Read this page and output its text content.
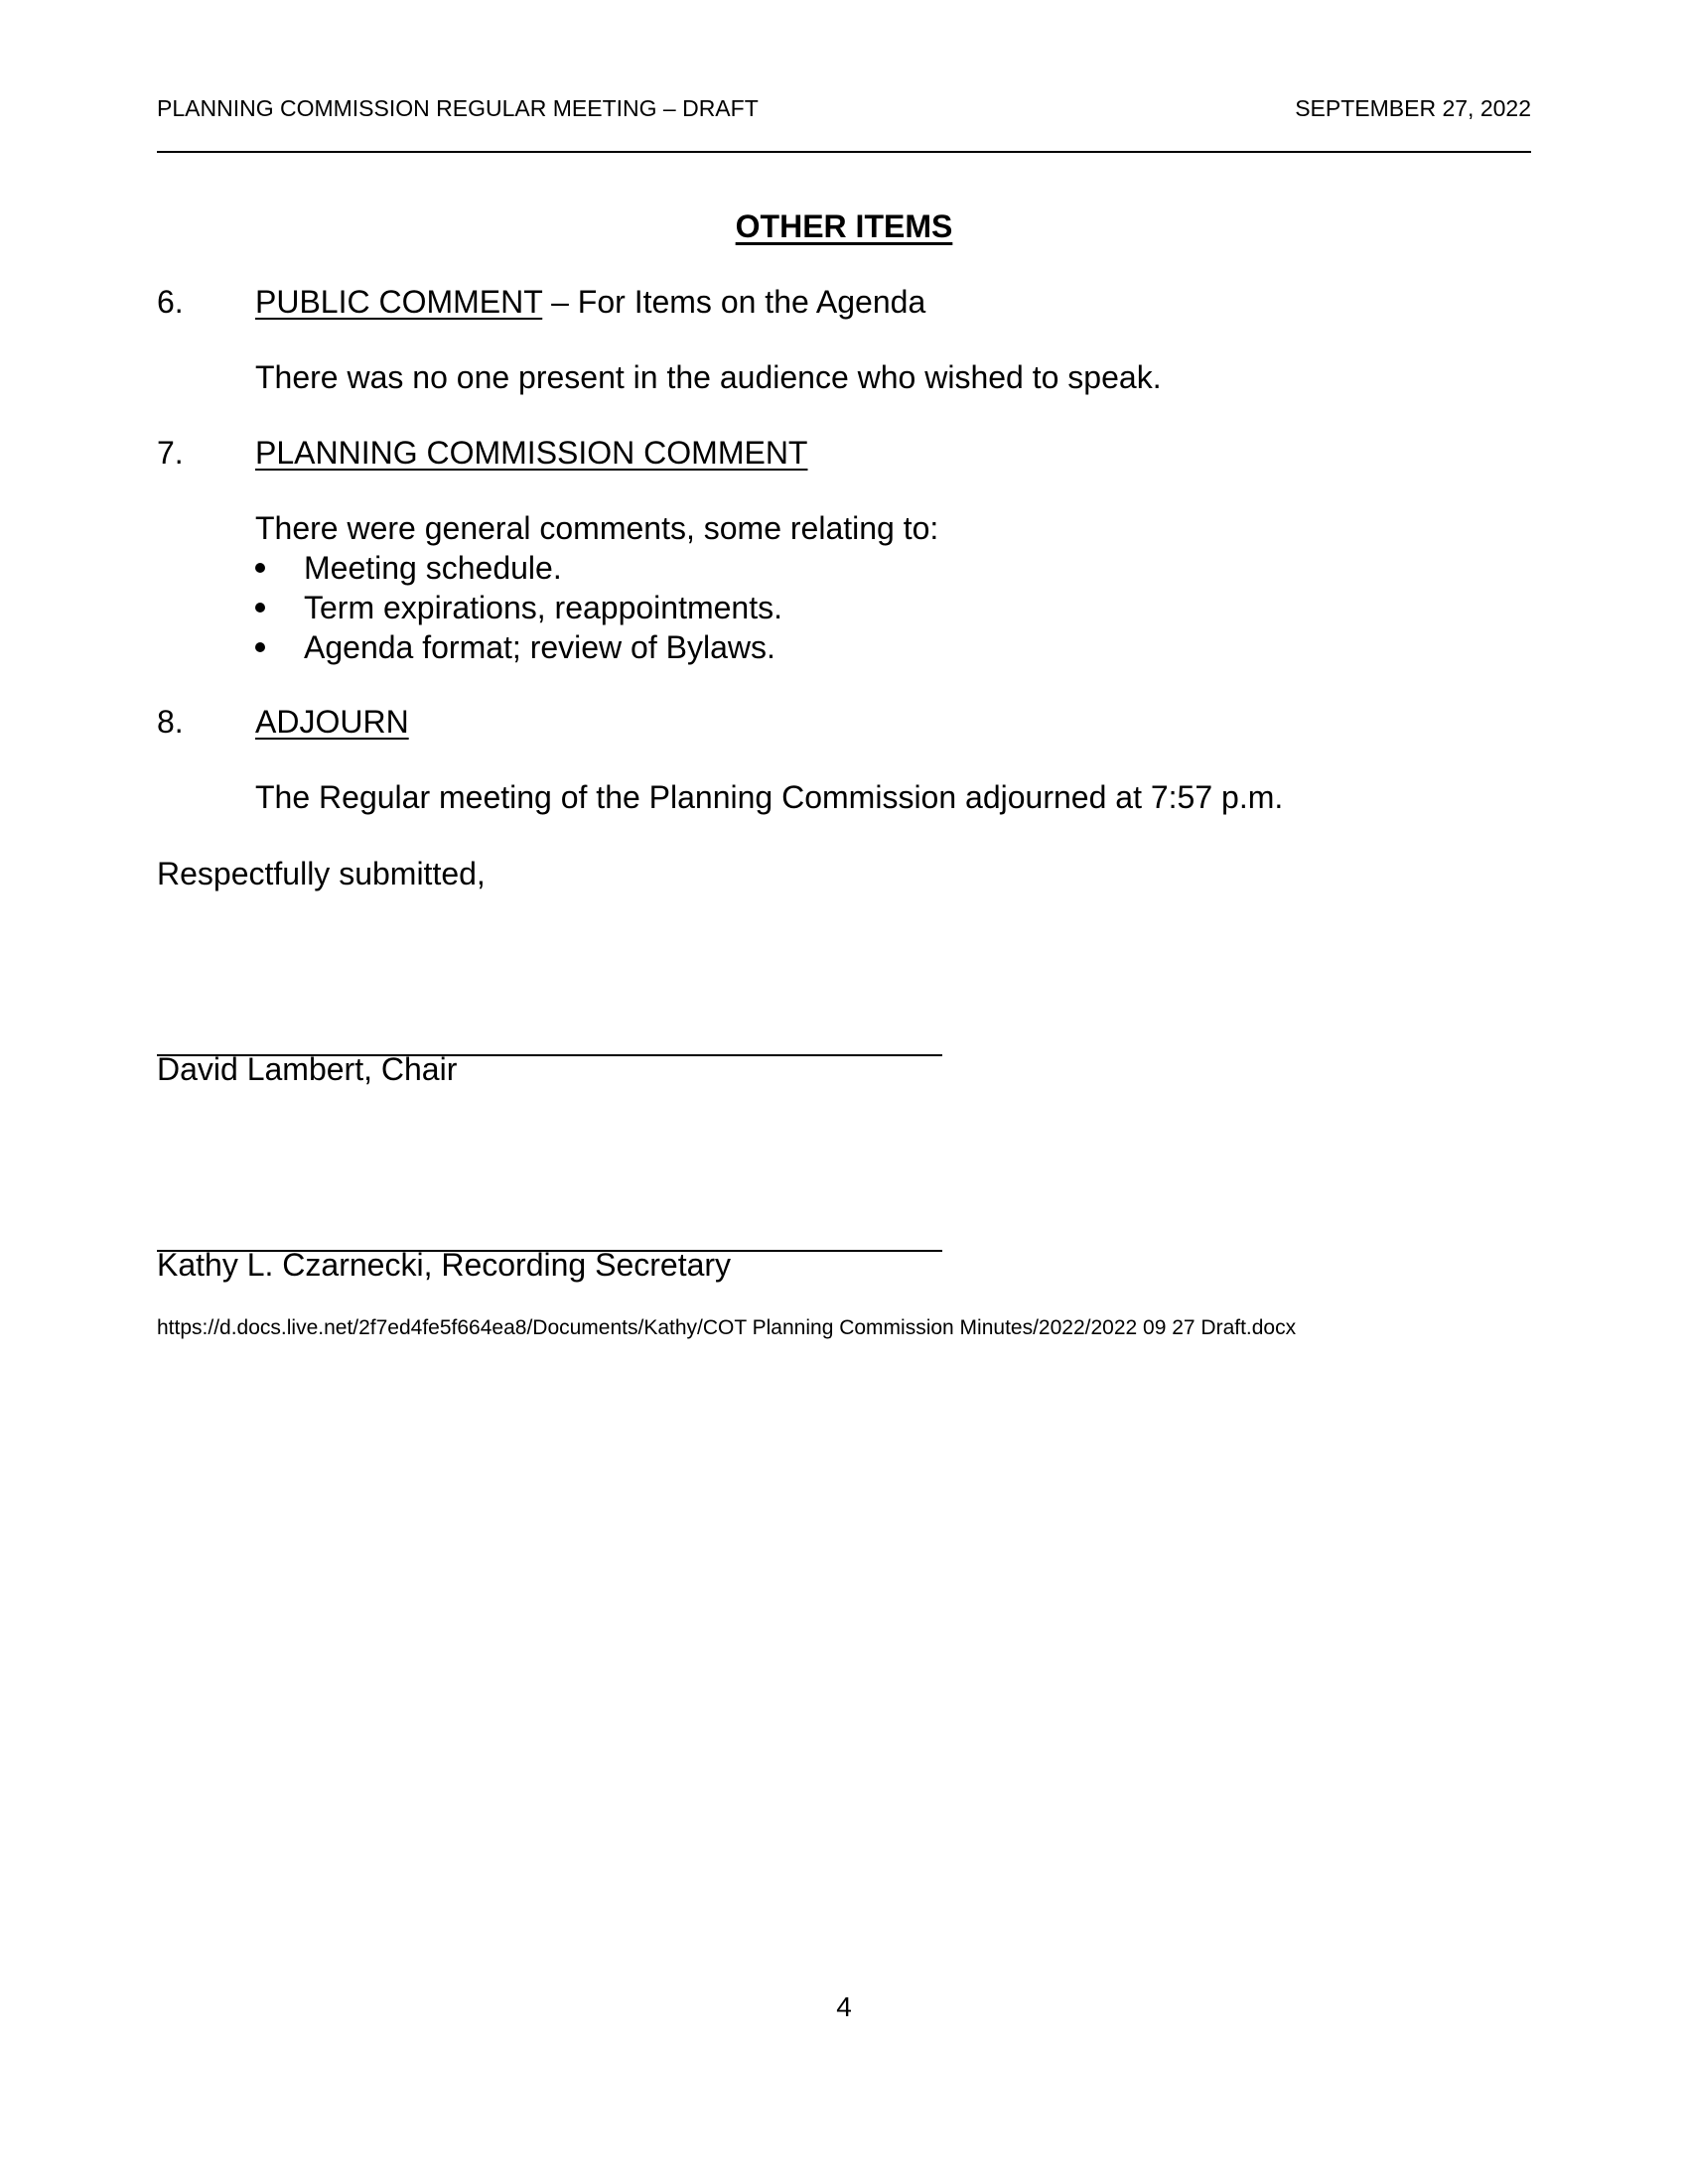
PLANNING COMMISSION REGULAR MEETING – DRAFT	SEPTEMBER 27, 2022
OTHER ITEMS
6. PUBLIC COMMENT – For Items on the Agenda
There was no one present in the audience who wished to speak.
7. PLANNING COMMISSION COMMENT
There were general comments, some relating to:
Meeting schedule.
Term expirations, reappointments.
Agenda format; review of Bylaws.
8. ADJOURN
The Regular meeting of the Planning Commission adjourned at 7:57 p.m.
Respectfully submitted,
David Lambert, Chair
Kathy L. Czarnecki, Recording Secretary
https://d.docs.live.net/2f7ed4fe5f664ea8/Documents/Kathy/COT Planning Commission Minutes/2022/2022 09 27 Draft.docx
4
